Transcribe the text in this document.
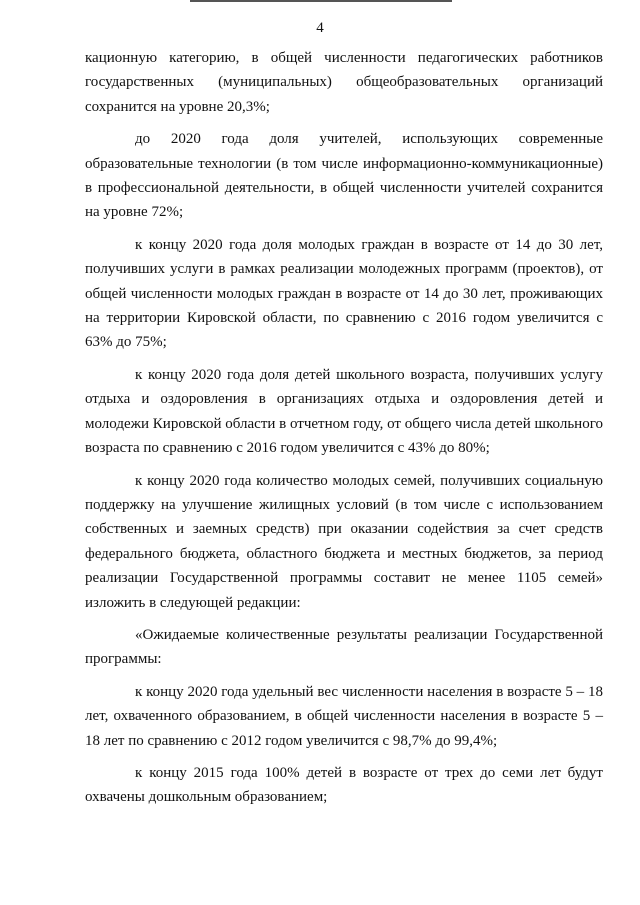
4

кационную категорию, в общей численности педагогических работников государственных (муниципальных) общеобразовательных организаций сохранится на уровне 20,3%;

до 2020 года доля учителей, использующих современные образовательные технологии (в том числе информационно-коммуникационные) в профессиональной деятельности, в общей численности учителей сохранится на уровне 72%;

к концу 2020 года доля молодых граждан в возрасте от 14 до 30 лет, получивших услуги в рамках реализации молодежных программ (проектов), от общей численности молодых граждан в возрасте от 14 до 30 лет, проживающих на территории Кировской области, по сравнению с 2016 годом увеличится с 63% до 75%;

к концу 2020 года доля детей школьного возраста, получивших услугу отдыха и оздоровления в организациях отдыха и оздоровления детей и молодежи Кировской области в отчетном году, от общего числа детей школьного возраста по сравнению с 2016 годом увеличится с 43% до 80%;

к концу 2020 года количество молодых семей, получивших социальную поддержку на улучшение жилищных условий (в том числе с использованием собственных и заемных средств) при оказании содействия за счет средств федерального бюджета, областного бюджета и местных бюджетов, за период реализации Государственной программы составит не менее 1105 семей» изложить в следующей редакции:

«Ожидаемые количественные результаты реализации Государственной программы:

к концу 2020 года удельный вес численности населения в возрасте 5 – 18 лет, охваченного образованием, в общей численности населения в возрасте 5 – 18 лет по сравнению с 2012 годом увеличится с 98,7% до 99,4%;

к концу 2015 года 100% детей в возрасте от трех до семи лет будут охвачены дошкольным образованием;
